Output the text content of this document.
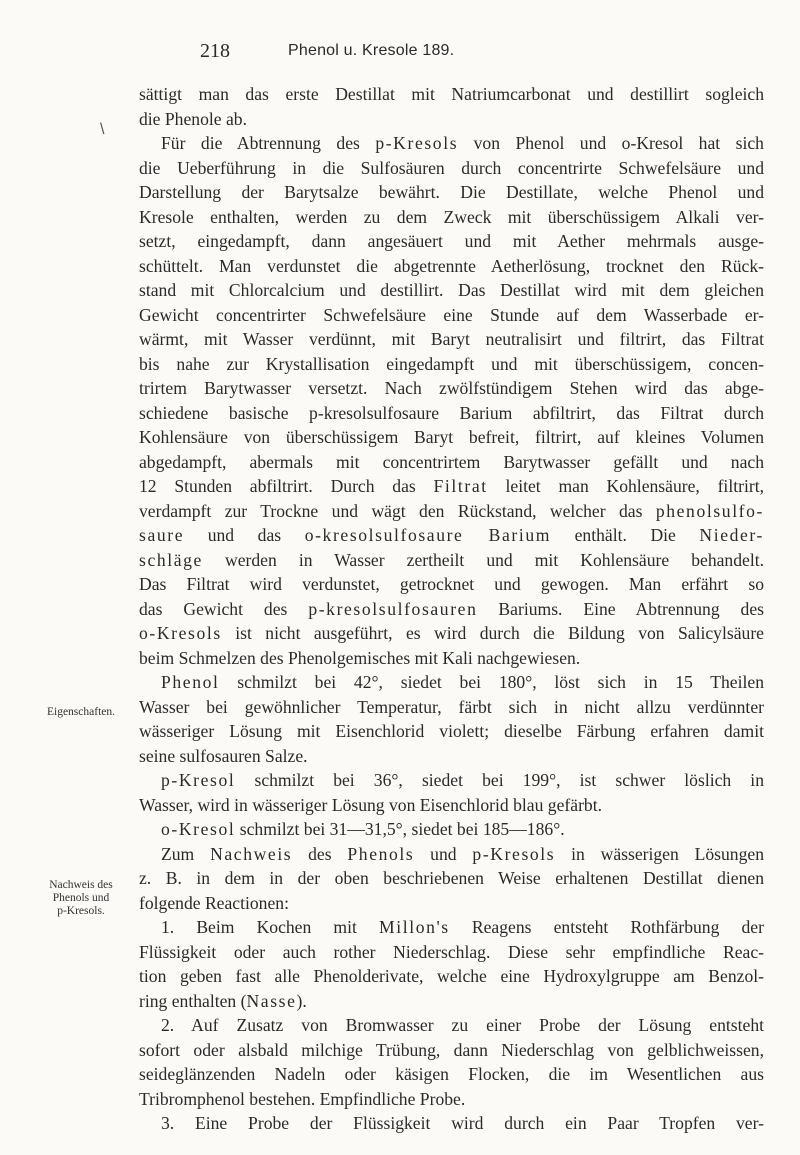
218	Phenol u. Kresole 189.
\
Eigenschaften.
Nachweis des
Phenols und
p-Kresols.
sättigt man das erste Destillat mit Natriumcarbonat und destillirt sogleich
die Phenole ab.
Für die Abtrennung des p-Kresols von Phenol und o-Kresol hat sich
die Ueberführung in die Sulfosäuren durch concentrirte Schwefelsäure und
Darstellung der Barytsalze bewährt. Die Destillate, welche Phenol und
Kresole enthalten, werden zu dem Zweck mit überschüssigem Alkali ver-
setzt, eingedampft, dann angesäuert und mit Aether mehrmals ausge-
schüttelt. Man verdunstet die abgetrennte Aetherlösung, trocknet den Rück-
stand mit Chlorcalcium und destillirt. Das Destillat wird mit dem gleichen
Gewicht concentrirter Schwefelsäure eine Stunde auf dem Wasserbade er-
wärmt, mit Wasser verdünnt, mit Baryt neutralisirt und filtrirt, das Filtrat
bis nahe zur Krystallisation eingedampft und mit überschüssigem, concen-
trirtem Barytwasser versetzt. Nach zwölfstündigem Stehen wird das abge-
schiedene basische p-kresolsulfosaure Barium abfiltrirt, das Filtrat durch
Kohlensäure von überschüssigem Baryt befreit, filtrirt, auf kleines Volumen
abgedampft, abermals mit concentrirtem Barytwasser gefällt und nach
12 Stunden abfiltrirt. Durch das Filtrat leitet man Kohlensäure, filtrirt,
verdampft zur Trockne und wägt den Rückstand, welcher das phenolsulfo-
saure und das o-kresolsulfosaure Barium enthält. Die Nieder-
schläge werden in Wasser zertheilt und mit Kohlensäure behandelt.
Das Filtrat wird verdunstet, getrocknet und gewogen. Man erfährt so
das Gewicht des p-kresolsulfosauren Bariums. Eine Abtrennung des
o-Kresols ist nicht ausgeführt, es wird durch die Bildung von Salicylsäure
beim Schmelzen des Phenolgemisches mit Kali nachgewiesen.
Phenol schmilzt bei 42°, siedet bei 180°, löst sich in 15 Theilen
Wasser bei gewöhnlicher Temperatur, färbt sich in nicht allzu verdünnter
wässeriger Lösung mit Eisenchlorid violett; dieselbe Färbung erfahren damit
seine sulfosauren Salze.
p-Kresol schmilzt bei 36°, siedet bei 199°, ist schwer löslich in
Wasser, wird in wässeriger Lösung von Eisenchlorid blau gefärbt.
o-Kresol schmilzt bei 31—31,5°, siedet bei 185—186°.
Zum Nachweis des Phenols und p-Kresols in wässerigen Lösungen
z. B. in dem in der oben beschriebenen Weise erhaltenen Destillat dienen
folgende Reactionen:
1. Beim Kochen mit Millon's Reagens entsteht Rothfärbung der
Flüssigkeit oder auch rother Niederschlag. Diese sehr empfindliche Reac-
tion geben fast alle Phenolderivate, welche eine Hydroxylgruppe am Benzol-
ring enthalten (Nasse).
2. Auf Zusatz von Bromwasser zu einer Probe der Lösung entsteht
sofort oder alsbald milchige Trübung, dann Niederschlag von gelblichweissen,
seideglänzenden Nadeln oder käsigen Flocken, die im Wesentlichen aus
Tribromphenol bestehen. Empfindliche Probe.
3. Eine Probe der Flüssigkeit wird durch ein Paar Tropfen ver-
